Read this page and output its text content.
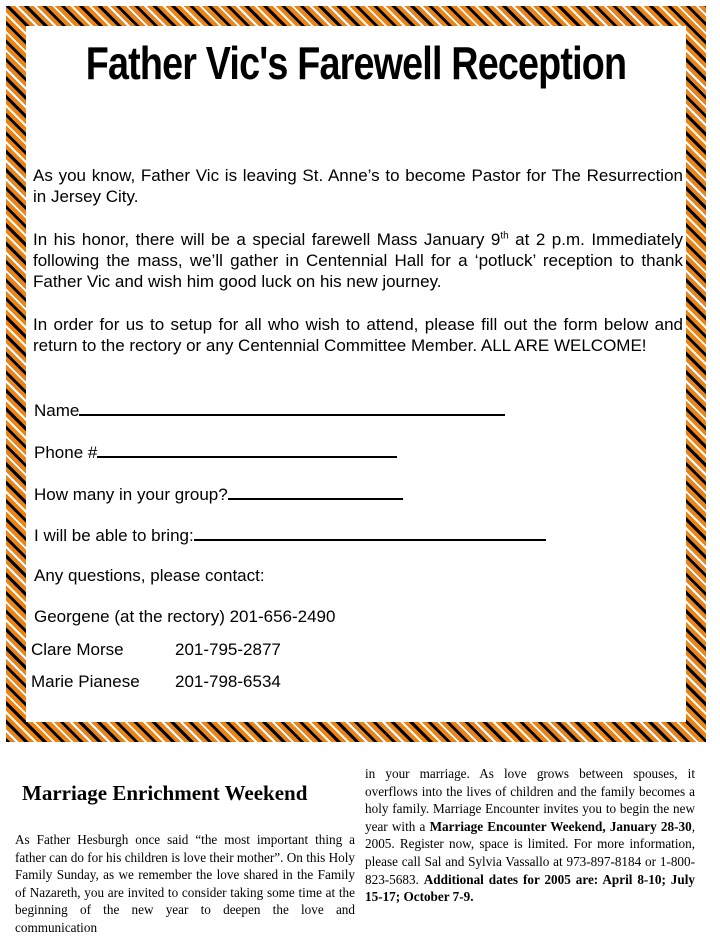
Father Vic's Farewell Reception

As you know, Father Vic is leaving St. Anne’s to become Pastor for The Resurrection in Jersey City.

In his honor, there will be a special farewell Mass January 9th at 2 p.m. Immediately following the mass, we’ll gather in Centennial Hall for a ‘potluck’ reception to thank Father Vic and wish him good luck on his new journey.

In order for us to setup for all who wish to attend, please fill out the form below and return to the rectory or any Centennial Committee Member. ALL ARE WELCOME!

Name
Phone #
How many in your group?
I will be able to bring:
Any questions, please contact:
Georgene (at the rectory) 201-656-2490
Clare Morse	201-795-2877
Marie Pianese 201-798-6534
Marriage Enrichment Weekend

As Father Hesburgh once said “the most important thing a father can do for his children is love their mother”. On this Holy Family Sunday, as we remember the love shared in the Family of Nazareth, you are invited to consider taking some time at the beginning of the new year to deepen the love and communication

in your marriage. As love grows between spouses, it overflows into the lives of children and the family becomes a holy family. Marriage Encounter invites you to begin the new year with a Marriage Encounter Weekend, January 28-30, 2005. Register now, space is limited. For more information, please call Sal and Sylvia Vassallo at 973-897-8184 or 1-800-823-5683. Additional dates for 2005 are: April 8-10; July 15-17; October 7-9.
